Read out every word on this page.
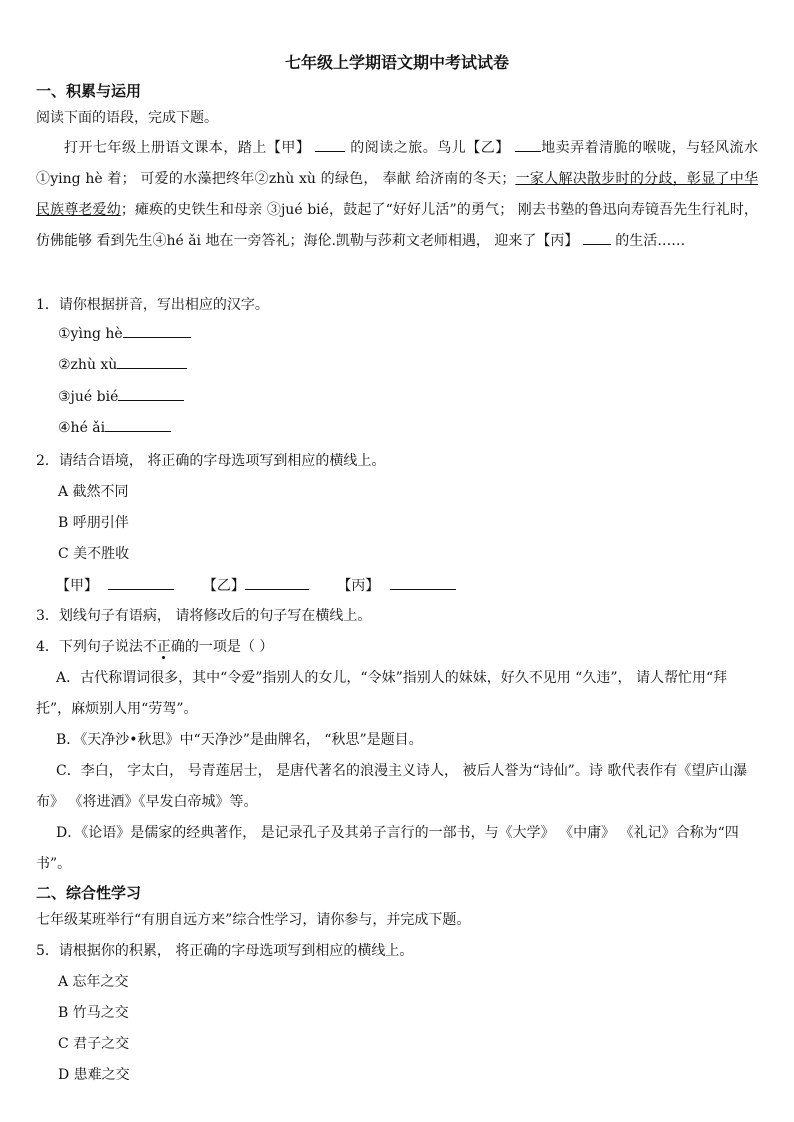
七年级上学期语文期中考试试卷
一、积累与运用
阅读下面的语段，完成下题。
打开七年级上册语文课本，踏上【甲】	的阅读之旅。鸟儿【乙】 地卖弄着清脆的喉咙，与轻风流水①ying hè 着； 可爱的水藻把终年②zhù xù 的绿色， 奉献 给济南的冬天；一家人解决散步时的分歧，彰显了中华民族尊老爱幼；瘫痪的史铁生和母亲 ③jué bié，鼓起了“好好儿活”的勇气； 刚去书塾的鲁迅向寿镜吾先生行礼时，仿佛能够 看到先生④hé ǎi 地在一旁答礼；海伦.凯勒与莎莉文老师相遇， 迎来了【丙】	的生活……
1．请你根据拼音，写出相应的汉字。
①yìng hè
②zhù xù
③jué bié
④hé ǎi
2．请结合语境， 将正确的字母选项写到相应的横线上。
A 截然不同
B 呼朋引伴
C 美不胜收
【甲】	【乙】	【丙】
3．划线句子有语病， 请将修改后的句子写在横线上。
4．下列句子说法不正确的一项是（ ）
A．古代称谓词很多，其中“令爱”指别人的女儿，“令妹”指别人的妹妹，好久不见用 “久违”， 请人帮忙用“拜托”，麻烦别人用“劳驾”。
B．《天净沙•秋思》中“天净沙”是曲牌名， “秋思”是题目。
C．李白， 字太白， 号青莲居士， 是唐代著名的浪漫主义诗人， 被后人誉为“诗仙”。诗 歌代表作有《望庐山瀑布》 《将进酒》《早发白帝城》等。
D．《论语》是儒家的经典著作， 是记录孔子及其弟子言行的一部书，与《大学》 《中庸》 《礼记》合称为“四书”。
二、综合性学习
七年级某班举行“有朋自远方来”综合性学习，请你参与，并完成下题。
5．请根据你的积累， 将正确的字母选项写到相应的横线上。
A 忘年之交
B 竹马之交
C 君子之交
D 患难之交
